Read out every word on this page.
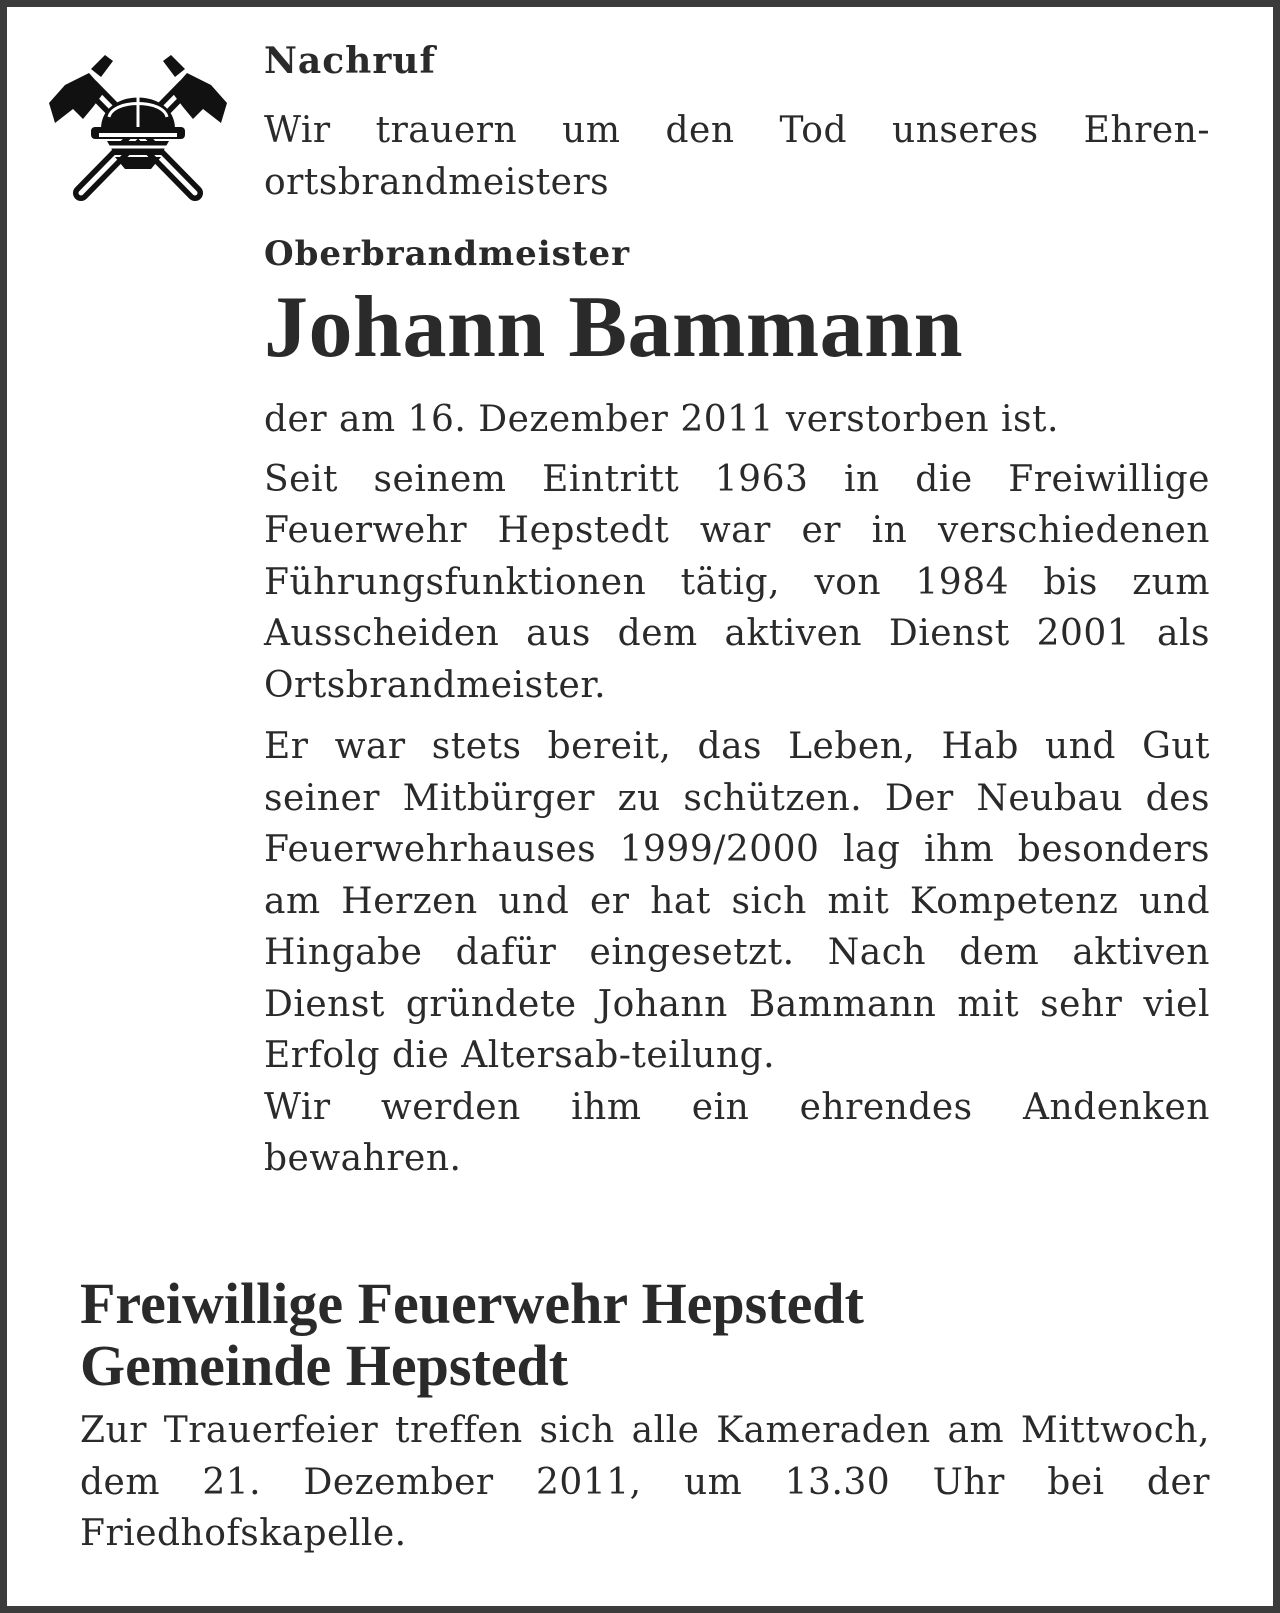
Nachruf

Wir trauern um den Tod unseres Ehren-ortsbrandmeisters

Oberbrandmeister
Johann Bammann

der am 16. Dezember 2011 verstorben ist.

Seit seinem Eintritt 1963 in die Freiwillige Feuerwehr Hepstedt war er in verschiedenen Führungsfunktionen tätig, von 1984 bis zum Ausscheiden aus dem aktiven Dienst 2001 als Ortsbrandmeister.

Er war stets bereit, das Leben, Hab und Gut seiner Mitbürger zu schützen. Der Neubau des Feuerwehrhauses 1999/2000 lag ihm besonders am Herzen und er hat sich mit Kompetenz und Hingabe dafür eingesetzt. Nach dem aktiven Dienst gründete Johann Bammann mit sehr viel Erfolg die Altersab-teilung.

Wir werden ihm ein ehrendes Andenken bewahren.

Freiwillige Feuerwehr Hepstedt
Gemeinde Hepstedt

Zur Trauerfeier treffen sich alle Kameraden am Mittwoch, dem 21. Dezember 2011, um 13.30 Uhr bei der Friedhofskapelle.
